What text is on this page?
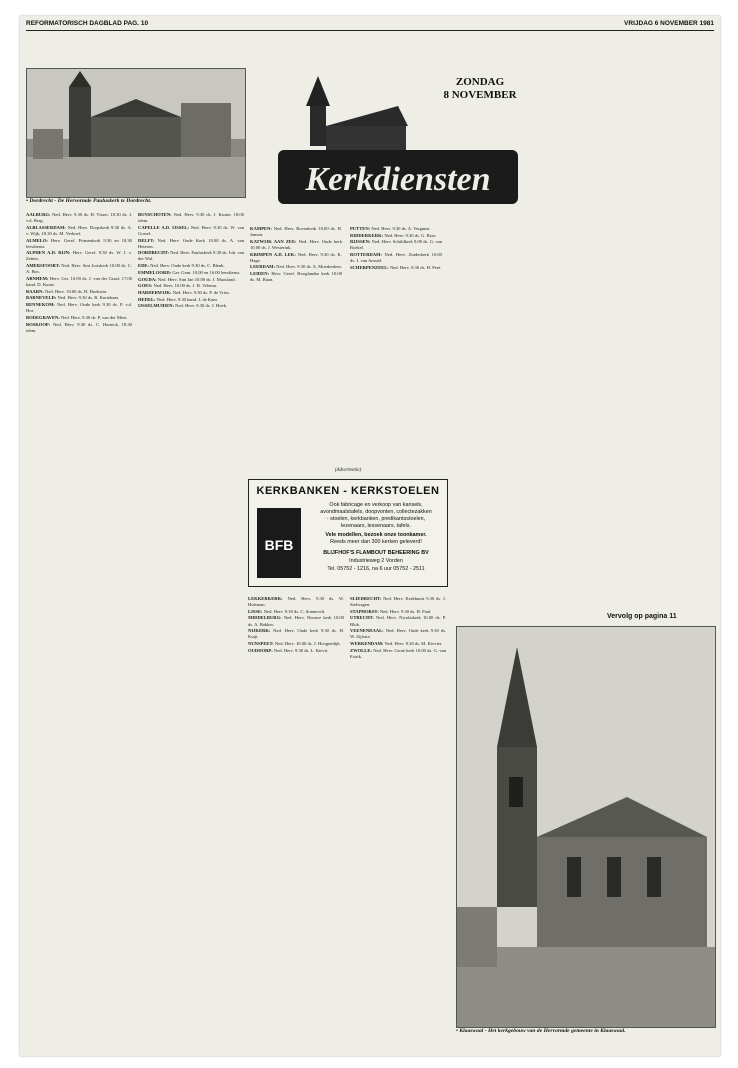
REFORMATORISCH DAGBLAD PAG. 10	VRIJDAG 6 NOVEMBER 1981
• Dordrecht - De Hervormde Pauluskerk te Dordrecht.
Kerkdiensten
ZONDAG
8 NOVEMBER
AALBURG: Ned. Herv. 9.30 ds. H. Visser, 18.30 ds. J. v.d. Berg.
ALBLASSERDAM: Ned. Herv. Dorpskerk 9.30 ds. A. v. Wijk, 18.30 ds. M. Verhoef.
ALMELO: Herv. Geref. Prinsenkerk 9.30 en 18.30 leesdienst.
ALPHEN A.D. RIJN: Herv. Geref. 9.30 ds. W. J. v. Zetten.
AMERSFOORT: Ned. Herv. Sint Joriskerk 10.00 ds. C. A. Bos.
ARNHEM: Herv. Ger. 10.00 ds. J. van der Graaf, 17.00 kand. D. Kunst.
BAARN: Ned. Herv. 10.00 ds. H. Hoekstra.
BARNEVELD: Ned. Herv. 9.30 ds. R. Kortekaas.
BENNEKOM: Ned. Herv. Oude kerk 9.30 ds. P. v.d. Hor.
BODEGRAVEN: Ned. Herv. 9.30 ds. P. van der Meer.
BOSKOOP: Ned. Herv. 9.30 ds. C. Harinck, 18.30 idem.
BUNSCHOTEN: Ned. Herv. 9.30 ds. J. Koster, 18.00 idem.
CAPELLE A.D. IJSSEL: Ned. Herv. 9.30 ds. W. van Gorsel.
DELFT: Ned. Herv. Oude Kerk 10.00 ds. A. van Heteren.
DORDRECHT: Ned. Herv. Pauluskerk 9.30 ds. Joh. van der Wal.
EDE: Ned. Herv. Oude kerk 9.30 ds. C. Blenk.
EMMELOORD: Ger. Gem. 10.00 en 16.00 leesdienst.
GOUDA: Ned. Herv. Sint Jan 10.00 ds. J. Maasland.
GOES: Ned. Herv. 10.00 ds. J. H. Velema.
HARDERWIJK: Ned. Herv. 9.30 ds. P. de Vries.
HEDEL: Ned. Herv. 9.30 kand. J. de Kam.
IJSSELMUIDEN: Ned. Herv. 9.30 ds. J. Hoek.
KAMPEN: Ned. Herv. Bovenkerk 10.00 ds. H. Jansen.
KATWIJK AAN ZEE: Ned. Herv. Oude kerk 10.00 ds. J. Westerink.
KRIMPEN A.D. LEK: Ned. Herv. 9.30 ds. K. Hage.
LEERDAM: Ned. Herv. 9.30 ds. A. Moerkerken.
LEIDEN: Herv. Geref. Hooglandse kerk 10.00 ds. M. Baan.
PUTTEN: Ned. Herv. 9.30 ds. A. Vergunst.
RIDDERKERK: Ned. Herv. 9.30 ds. G. Boer.
RIJSSEN: Ned. Herv. Schildkerk 9.00 ds. G. van Roekel.
ROTTERDAM: Ned. Herv. Zuiderkerk 10.00 ds. J. van Amstel.
SCHERPENZEEL: Ned. Herv. 9.30 ds. H. Peet.
(Advertentie)
KERKBANKEN - KERKSTOELEN
BFB
Ook fabricage en verkoop van kansels,
avondmaalstafels, doopvonten, collectezakken
- stoelen, kerkbanken, predikantsstoelen,
lezenaars, lessenaars, tafels.
Vele modellen, bezoek onze toonkamer.
Reeds meer dan 300 kerken geleverd!
BLIJFHOF'S FLAMBOUT BEHEERING BV
Industrieweg 2 Vorden
Tel. 05752 - 1216, na 6 uur 05752 - 2511
LEKKERKERK: Ned. Herv. 9.30 ds. W. Hulsman.
LISSE: Ned. Herv. 9.30 ds. C. Sonnevelt.
MIDDELBURG: Ned. Herv. Nieuwe kerk 10.00 ds. A. Bakker.
NIJKERK: Ned. Herv. Oude kerk 9.30 ds. H. Kuijt.
NUNSPEET: Ned. Herv. 10.00 ds. J. Hoogendijk.
OUDDORP: Ned. Herv. 9.30 ds. L. Kievit.
SLIEDRECHT: Ned. Herv. Kerkbuurt 9.30 ds. J. Stelwagen.
STAPHORST: Ned. Herv. 9.30 ds. H. Paul.
UTRECHT: Ned. Herv. Nicolaikerk 10.00 ds. P. Blok.
VEENENDAAL: Ned. Herv. Oude kerk 9.30 ds. W. Zijlstra.
WERKENDAM: Ned. Herv. 9.30 ds. M. Kieviet.
ZWOLLE: Ned. Herv. Grote kerk 10.00 ds. G. van Estrik.
Vervolg op pagina 11
• Klaaswaal - Het kerkgebouw van de Hervormde gemeente in Klaaswaal.
